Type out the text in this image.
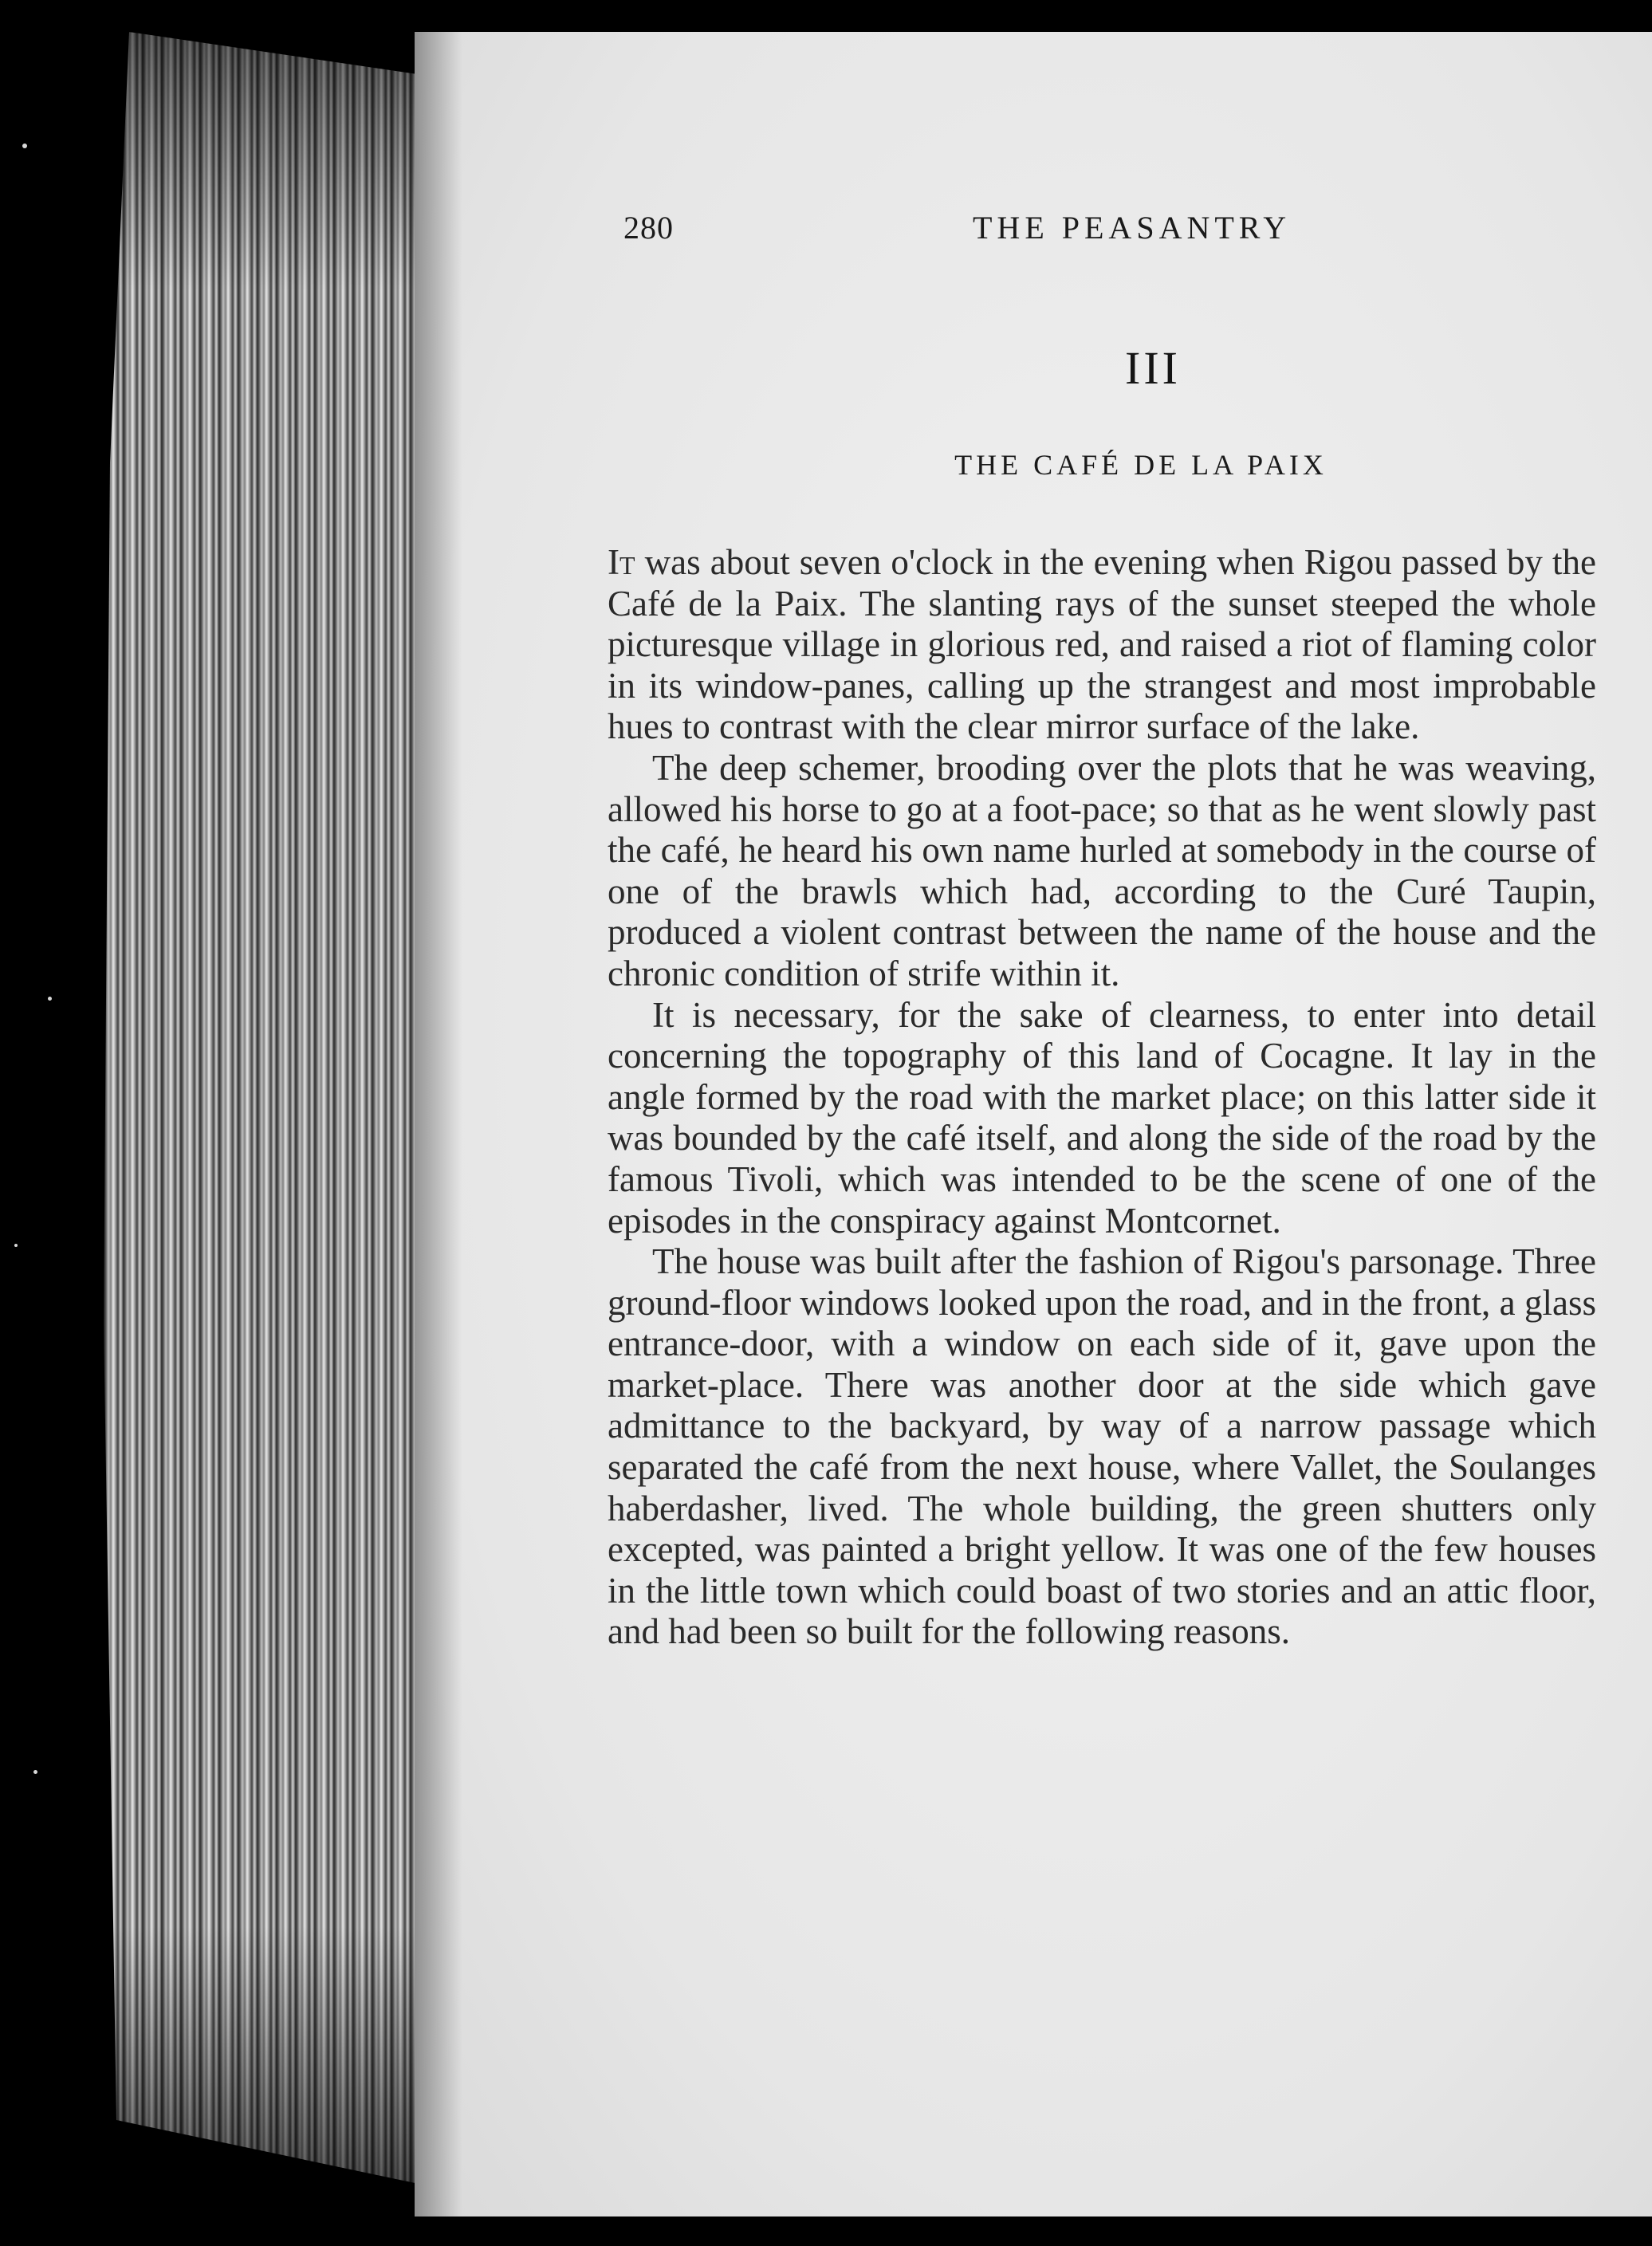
280	THE PEASANTRY
III
THE CAFÉ DE LA PAIX

It was about seven o'clock in the evening when Rigou passed by the Café de la Paix. The slanting rays of the sunset steeped the whole picturesque village in glorious red, and raised a riot of flaming color in its window-panes, calling up the strangest and most improbable hues to contrast with the clear mirror surface of the lake.

The deep schemer, brooding over the plots that he was weaving, allowed his horse to go at a foot-pace; so that as he went slowly past the café, he heard his own name hurled at somebody in the course of one of the brawls which had, according to the Curé Taupin, produced a violent contrast between the name of the house and the chronic condition of strife within it.

It is necessary, for the sake of clearness, to enter into detail concerning the topography of this land of Cocagne. It lay in the angle formed by the road with the market place; on this latter side it was bounded by the café itself, and along the side of the road by the famous Tivoli, which was intended to be the scene of one of the episodes in the conspiracy against Montcornet.

The house was built after the fashion of Rigou's parsonage. Three ground-floor windows looked upon the road, and in the front, a glass entrance-door, with a window on each side of it, gave upon the market-place. There was another door at the side which gave admittance to the backyard, by way of a narrow passage which separated the café from the next house, where Vallet, the Soulanges haberdasher, lived. The whole building, the green shutters only excepted, was painted a bright yellow. It was one of the few houses in the little town which could boast of two stories and an attic floor, and had been so built for the following reasons.
